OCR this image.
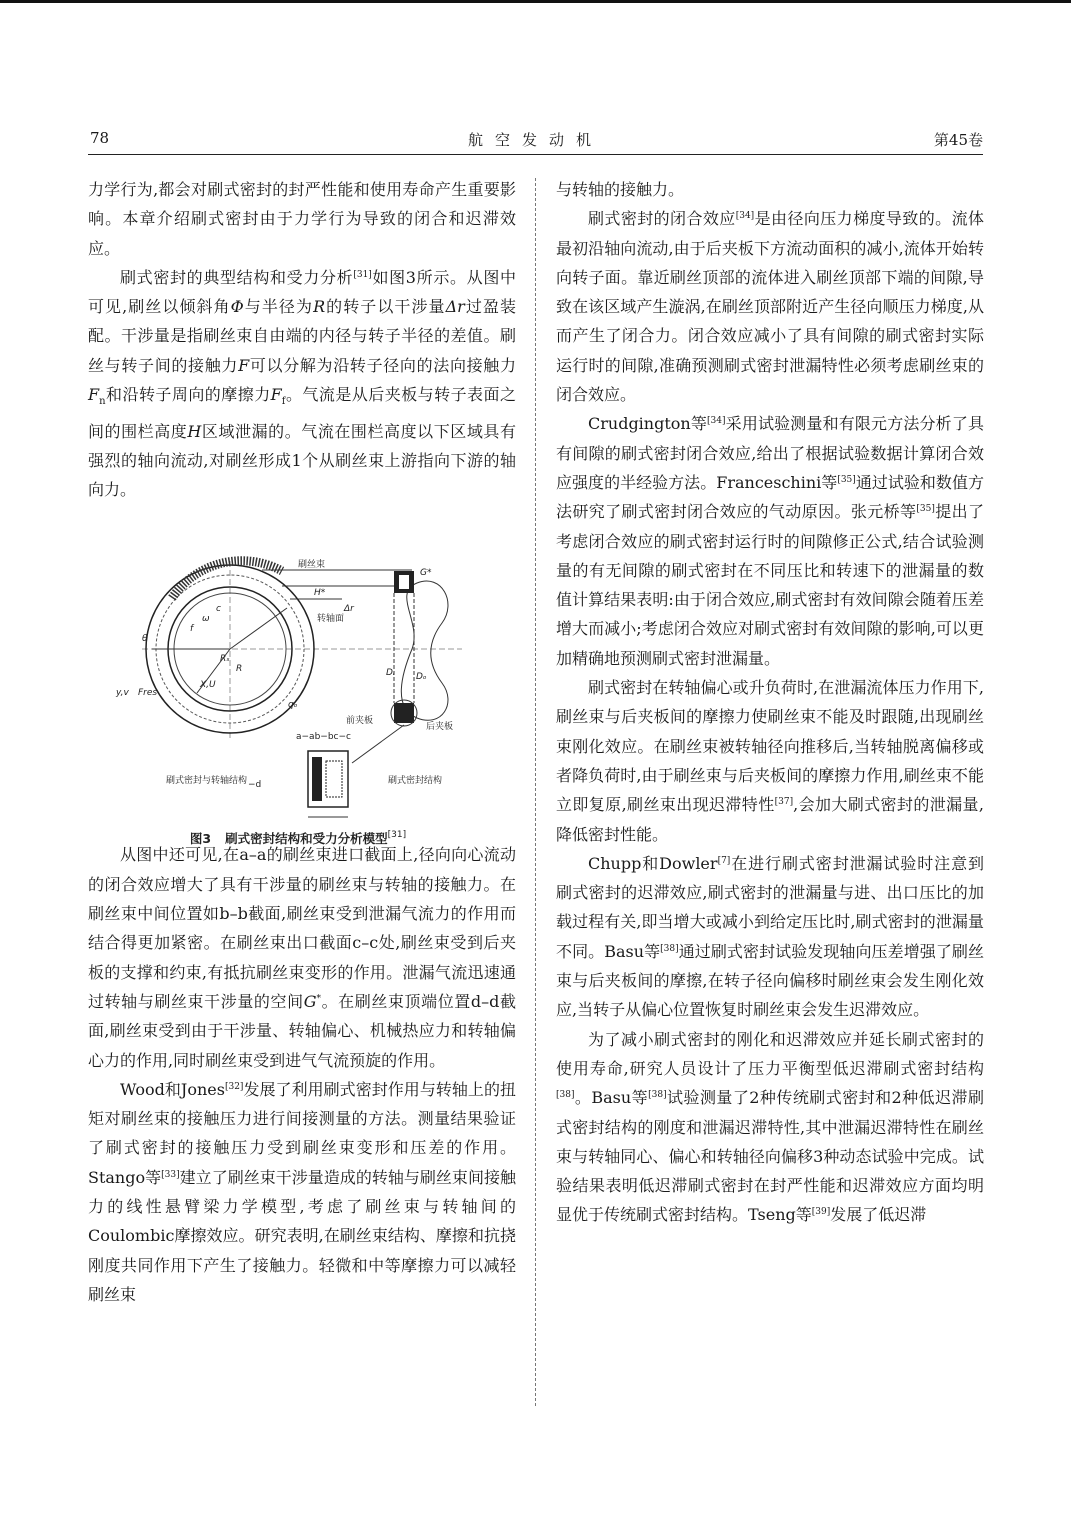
78	航空发动机	第45卷

力学行为,都会对刷式密封的封严性能和使用寿命产生重要影响。本章介绍刷式密封由于力学行为导致的闭合和迟滞效应。

刷式密封的典型结构和受力分析[31]如图3所示。从图中可见,刷丝以倾斜角Φ与半径为R的转子以干涉量Δr过盈装配。干涉量是指刷丝束自由端的内径与转子半径的差值。刷丝与转子间的接触力F可以分解为沿转子径向的法向接触力$F_n$和沿转子周向的摩擦力$F_f$。气流是从后夹板与转子表面之间的围栏高度H区域泄漏的。气流在围栏高度以下区域具有强烈的轴向流动,对刷丝形成1个从刷丝束上游指向下游的轴向力。

从图中还可见,在a–a的刷丝束进口截面上,径向向心流动的闭合效应增大了具有干涉量的刷丝束与转轴的接触力。在刷丝束中间位置如b–b截面,刷丝束受到泄漏气流力的作用而结合得更加紧密。在刷丝束出口截面c–c处,刷丝束受到后夹板的支撑和约束,有抵抗刷丝束变形的作用。泄漏气流迅速通过转轴与刷丝束干涉量的空间G*。在刷丝束顶端位置d–d截面,刷丝束受到由于干涉量、转轴偏心、机械热应力和转轴偏心力的作用,同时刷丝束受到进气气流预旋的作用。

Wood和Jones[32]发展了利用刷式密封作用与转轴上的扭矩对刷丝束的接触压力进行间接测量的方法。测量结果验证了刷式密封的接触压力受到刷丝束变形和压差的作用。Stango等[33]建立了刷丝束干涉量造成的转轴与刷丝束间接触力的线性悬臂梁力学模型,考虑了刷丝束与转轴间的Coulombic摩擦效应。研究表明,在刷丝束结构、摩擦和抗挠刚度共同作用下产生了接触力。轻微和中等摩擦力可以减轻刷丝束

刷丝束
转轴面
前夹板
后夹板
刷式密封与转轴结构	刷式密封结构
a−ab−bc−c
−d
G*
H*
Δr
Dᵢ Dₒ
R
Rₛ
X,U
y,v Fres
θ
ω
f
c
qₒ
图3 刷式密封结构和受力分析模型[31]

与转轴的接触力。

刷式密封的闭合效应[34]是由径向压力梯度导致的。流体最初沿轴向流动,由于后夹板下方流动面积的减小,流体开始转向转子面。靠近刷丝顶部的流体进入刷丝顶部下端的间隙,导致在该区域产生漩涡,在刷丝顶部附近产生径向顺压力梯度,从而产生了闭合力。闭合效应减小了具有间隙的刷式密封实际运行时的间隙,准确预测刷式密封泄漏特性必须考虑刷丝束的闭合效应。

Crudgington等[34]采用试验测量和有限元方法分析了具有间隙的刷式密封闭合效应,给出了根据试验数据计算闭合效应强度的半经验方法。Franceschini等[35]通过试验和数值方法研究了刷式密封闭合效应的气动原因。张元桥等[35]提出了考虑闭合效应的刷式密封运行时的间隙修正公式,结合试验测量的有无间隙的刷式密封在不同压比和转速下的泄漏量的数值计算结果表明:由于闭合效应,刷式密封有效间隙会随着压差增大而减小;考虑闭合效应对刷式密封有效间隙的影响,可以更加精确地预测刷式密封泄漏量。

刷式密封在转轴偏心或升负荷时,在泄漏流体压力作用下,刷丝束与后夹板间的摩擦力使刷丝束不能及时跟随,出现刷丝束刚化效应。在刷丝束被转轴径向推移后,当转轴脱离偏移或者降负荷时,由于刷丝束与后夹板间的摩擦力作用,刷丝束不能立即复原,刷丝束出现迟滞特性[37],会加大刷式密封的泄漏量,降低密封性能。

Chupp和Dowler[7]在进行刷式密封泄漏试验时注意到刷式密封的迟滞效应,刷式密封的泄漏量与进、出口压比的加载过程有关,即当增大或减小到给定压比时,刷式密封的泄漏量不同。Basu等[38]通过刷式密封试验发现轴向压差增强了刷丝束与后夹板间的摩擦,在转子径向偏移时刷丝束会发生刚化效应,当转子从偏心位置恢复时刷丝束会发生迟滞效应。

为了减小刷式密封的刚化和迟滞效应并延长刷式密封的使用寿命,研究人员设计了压力平衡型低迟滞刷式密封结构[38]。Basu等[38]试验测量了2种传统刷式密封和2种低迟滞刷式密封结构的刚度和泄漏迟滞特性,其中泄漏迟滞特性在刷丝束与转轴同心、偏心和转轴径向偏移3种动态试验中完成。试验结果表明低迟滞刷式密封在封严性能和迟滞效应方面均明显优于传统刷式密封结构。Tseng等[39]发展了低迟滞
